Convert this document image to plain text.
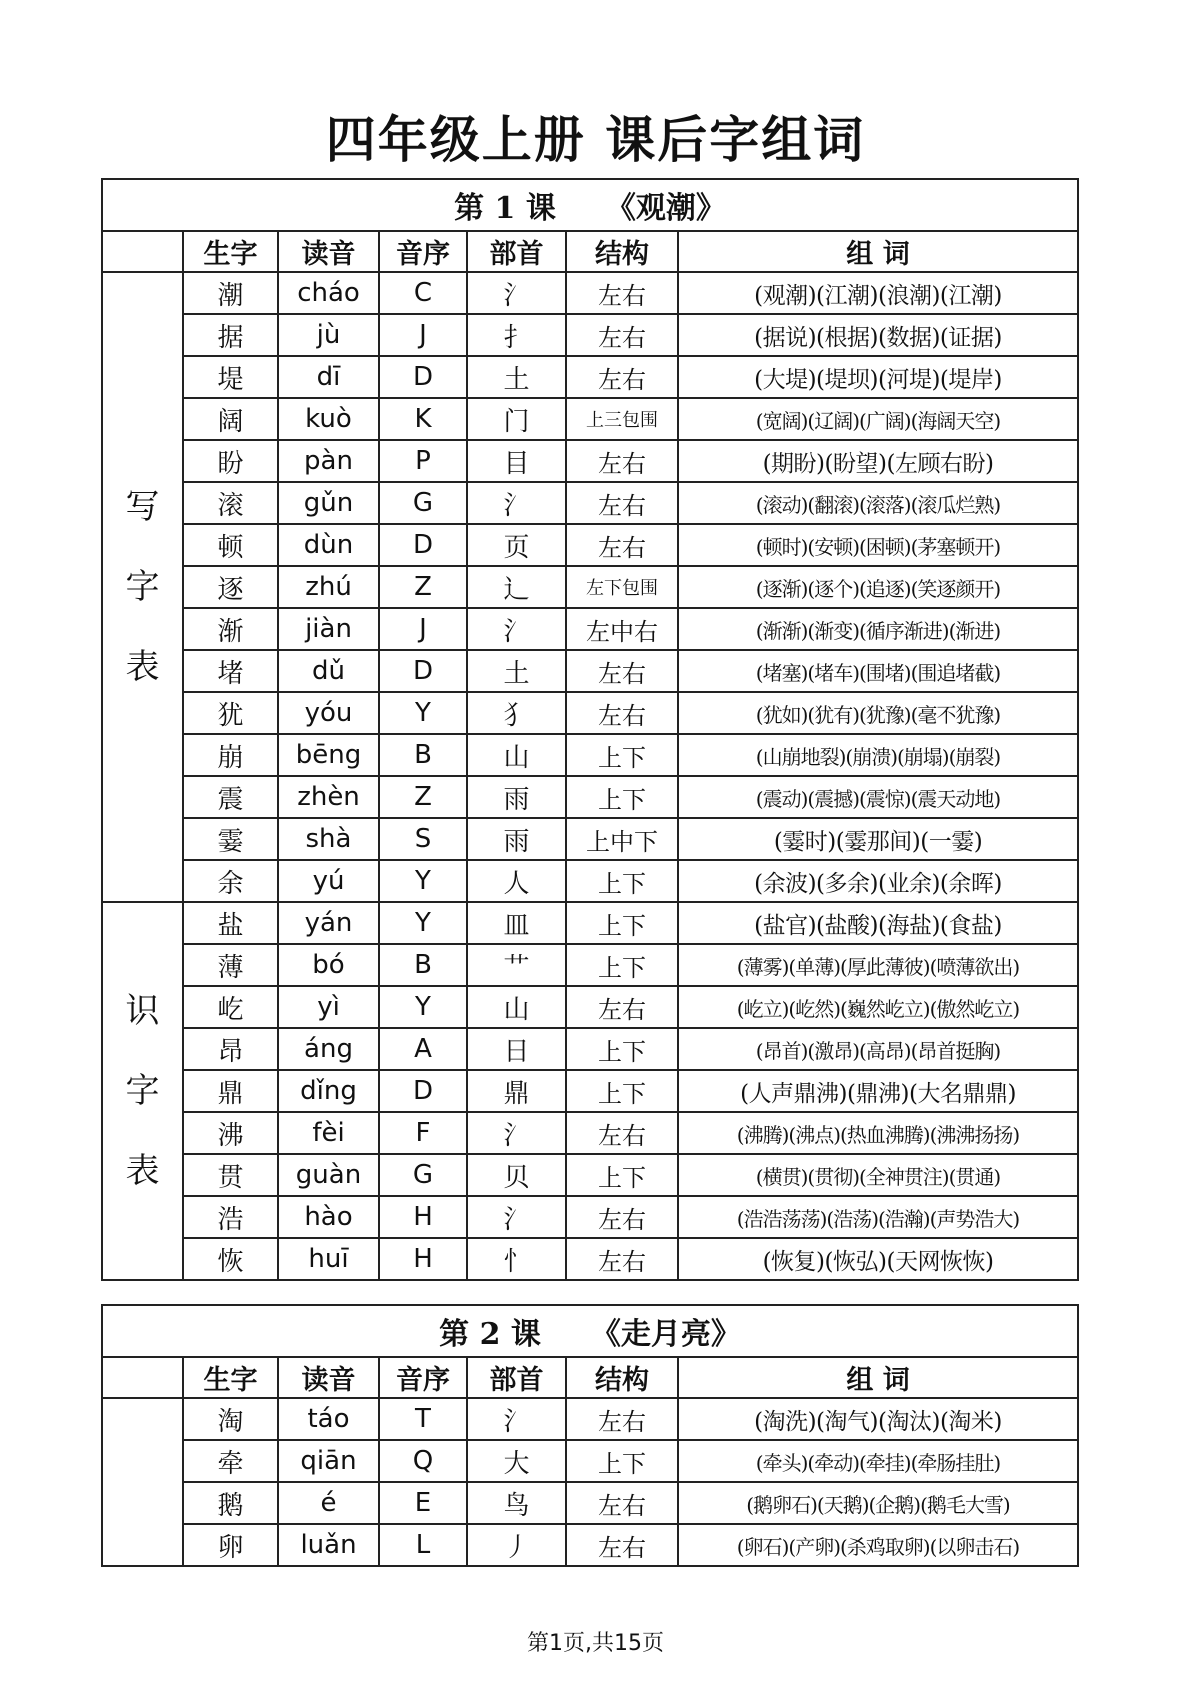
四年级上册 课后字组词
第 1 课 《观潮》						
	生字	读音	音序	部首	结构	组 词

写
字
表	潮	cháo	C	氵	左右	(观潮)(江潮)(浪潮)(江潮)
	据	jù	J	扌	左右	(据说)(根据)(数据)(证据)
	堤	dī	D	土	左右	(大堤)(堤坝)(河堤)(堤岸)
	阔	kuò	K	门	上三包围	(宽阔)(辽阔)(广阔)(海阔天空)
	盼	pàn	P	目	左右	(期盼)(盼望)(左顾右盼)
	滚	gǔn	G	氵	左右	(滚动)(翻滚)(滚落)(滚瓜烂熟)
	顿	dùn	D	页	左右	(顿时)(安顿)(困顿)(茅塞顿开)
	逐	zhú	Z	辶	左下包围	(逐渐)(逐个)(追逐)(笑逐颜开)
	渐	jiàn	J	氵	左中右	(渐渐)(渐变)(循序渐进)(渐进)
	堵	dǔ	D	土	左右	(堵塞)(堵车)(围堵)(围追堵截)
	犹	yóu	Y	犭	左右	(犹如)(犹有)(犹豫)(毫不犹豫)
	崩	bēng	B	山	上下	(山崩地裂)(崩溃)(崩塌)(崩裂)
	震	zhèn	Z	雨	上下	(震动)(震撼)(震惊)(震天动地)
	霎	shà	S	雨	上中下	(霎时)(霎那间)(一霎)
	余	yú	Y	人	上下	(余波)(多余)(业余)(余晖)

识
字
表	盐	yán	Y	皿	上下	(盐官)(盐酸)(海盐)(食盐)
	薄	bó	B	艹	上下	(薄雾)(单薄)(厚此薄彼)(喷薄欲出)
	屹	yì	Y	山	左右	(屹立)(屹然)(巍然屹立)(傲然屹立)
	昂	áng	A	日	上下	(昂首)(激昂)(高昂)(昂首挺胸)
	鼎	dǐng	D	鼎	上下	(人声鼎沸)(鼎沸)(大名鼎鼎)
	沸	fèi	F	氵	左右	(沸腾)(沸点)(热血沸腾)(沸沸扬扬)
	贯	guàn	G	贝	上下	(横贯)(贯彻)(全神贯注)(贯通)
	浩	hào	H	氵	左右	(浩浩荡荡)(浩荡)(浩瀚)(声势浩大)
	恢	huī	H	忄	左右	(恢复)(恢弘)(天网恢恢)
第 2 课 《走月亮》						
	生字	读音	音序	部首	结构	组 词
	淘	táo	T	氵	左右	(淘洗)(淘气)(淘汰)(淘米)
	牵	qiān	Q	大	上下	(牵头)(牵动)(牵挂)(牵肠挂肚)
	鹅	é	E	鸟	左右	(鹅卵石)(天鹅)(企鹅)(鹅毛大雪)
	卵	luǎn	L	丿	左右	(卵石)(产卵)(杀鸡取卵)(以卵击石)
第1页,共15页
